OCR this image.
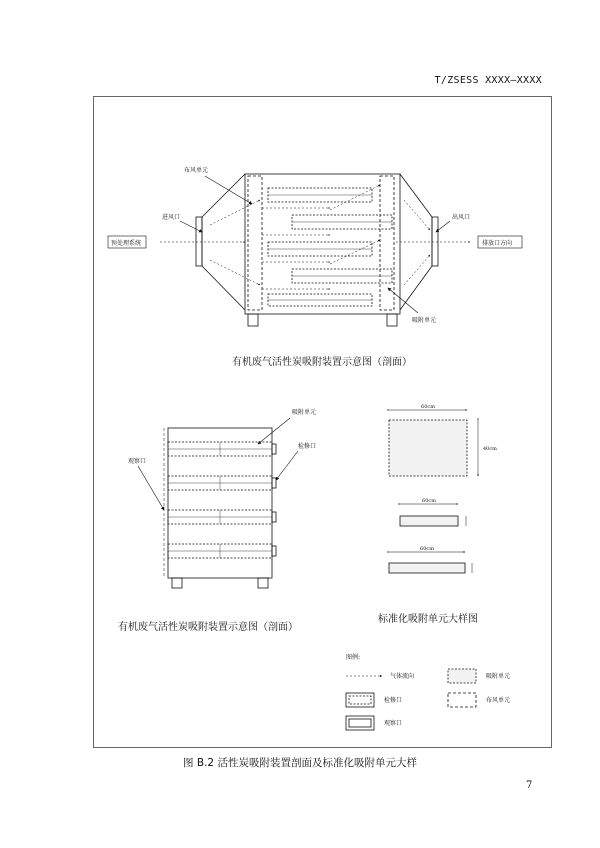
T/ZSESS XXXX—XXXX
布风单元
进风口	出风口
预处理系统	排放口方向
吸附单元
有机废气活性炭吸附装置示意图（剖面）
吸附单元
检修口
观察口
有机废气活性炭吸附装置示意图（剖面）
60cm
40cm
60cm
60cm
标准化吸附单元大样图
图例:
气体流向	吸附单元
检修口	布风单元
观察口
图 B.2 活性炭吸附装置剖面及标准化吸附单元大样
7
